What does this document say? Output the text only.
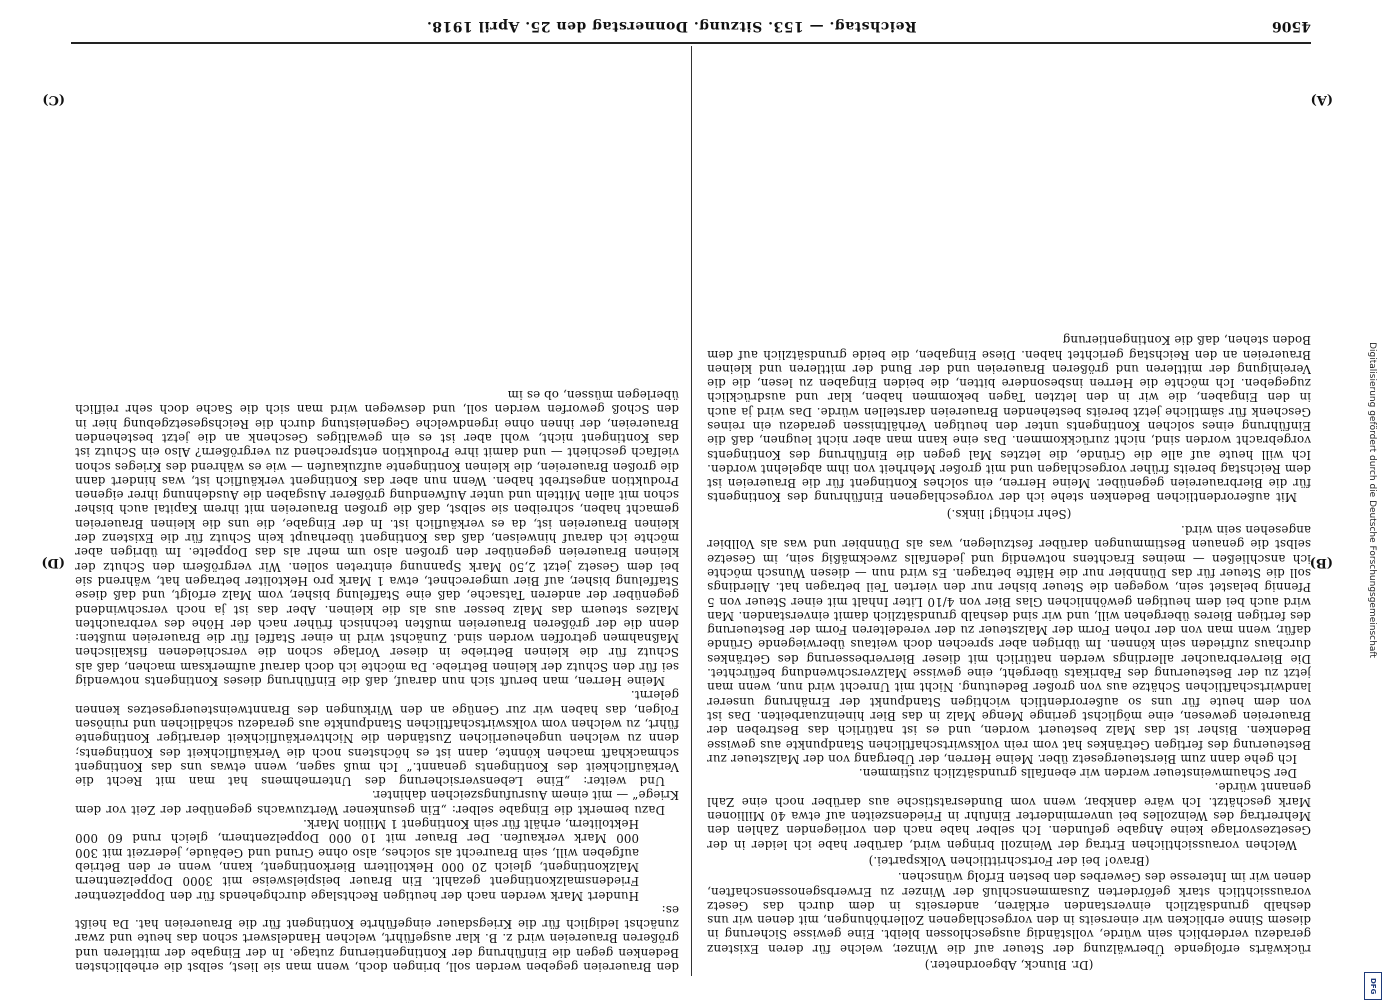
4506
Reichstag. — 153. Sitzung. Donnerstag den 25. April 1918.
(A)
(B)
(C)
(D)

(Dr. Blunck, Abgeordneter.)

rückwärts erfolgende Überwälzung der Steuer auf die Winzer, welche für deren Existenz geradezu verderblich sein würde, vollständig ausgeschlossen bleibt. Eine gewisse Sicherung in diesem Sinne erblicken wir einerseits in den vorgeschlagenen Zollerhöhungen, mit denen wir uns deshalb grundsätzlich einverstanden erklären, anderseits in dem durch das Gesetz voraussichtlich stark geförderten Zusammenschluß der Winzer zu Erwerbsgenossenschaften, denen wir im Interesse des Gewerbes den besten Erfolg wünschen.

(Bravo! bei der Fortschrittlichen Volkspartei.)

Welchen voraussichtlichen Ertrag der Weinzoll bringen wird, darüber habe ich leider in der Gesetzesvorlage keine Angabe gefunden. Ich selber habe nach den vorliegenden Zahlen den Mehrertrag des Weinzolles bei unverminderter Einfuhr in Friedenszeiten auf etwa 40 Millionen Mark geschätzt. Ich wäre dankbar, wenn vom Bundesratstische aus darüber noch eine Zahl genannt würde.

Der Schaumweinsteuer werden wir ebenfalls grundsätzlich zustimmen.

Ich gehe dann zum Biersteuergesetz über. Meine Herren, der Übergang von der Malzsteuer zur Besteuerung des fertigen Getränkes hat vom rein volkswirtschaftlichen Standpunkte aus gewisse Bedenken. Bisher ist das Malz besteuert worden, und es ist natürlich das Bestreben der Brauereien gewesen, eine möglichst geringe Menge Malz in das Bier hineinzuarbeiten. Das ist von dem heute für uns so außerordentlich wichtigen Standpunkt der Ernährung unserer landwirtschaftlichen Schätze aus von großer Bedeutung. Nicht mit Unrecht wird nun, wenn man jetzt zu der Besteuerung des Fabrikats übergeht, eine gewisse Malzverschwendung befürchtet. Die Bierverbraucher allerdings werden natürlich mit dieser Bierverbesserung des Getränkes durchaus zufrieden sein können. Im übrigen aber sprechen doch weitaus überwiegende Gründe dafür, wenn man von der rohen Form der Malzsteuer zu der veredelteren Form der Besteuerung des fertigen Bieres übergehen will, und wir sind deshalb grundsätzlich damit einverstanden. Man wird auch bei dem heutigen gewöhnlichen Glas Bier von 4/10 Liter Inhalt mit einer Steuer von 5 Pfennig belastet sein, wogegen die Steuer bisher nur den vierten Teil betragen hat. Allerdings soll die Steuer für das Dünnbier nur die Hälfte betragen. Es wird nun — diesen Wunsch möchte ich anschließen — meines Erachtens notwendig und jedenfalls zweckmäßig sein, im Gesetze selbst die genauen Bestimmungen darüber festzulegen, was als Dünnbier und was als Vollbier angesehen sein wird.

(Sehr richtig! links.)

Mit außerordentlichen Bedenken stehe ich der vorgeschlagenen Einführung des Kontingents für die Bierbrauereien gegenüber. Meine Herren, ein solches Kontingent für die Brauereien ist dem Reichstag bereits früher vorgeschlagen und mit großer Mehrheit von ihm abgelehnt worden. Ich will heute auf alle die Gründe, die letztes Mal gegen die Einführung des Kontingents vorgebracht worden sind, nicht zurückkommen. Das eine kann man aber nicht leugnen, daß die Einführung eines solchen Kontingents unter den heutigen Verhältnissen geradezu ein reines Geschenk für sämtliche jetzt bereits bestehenden Brauereien darstellen würde. Das wird ja auch in den Eingaben, die wir in den letzten Tagen bekommen haben, klar und ausdrücklich zugegeben. Ich möchte die Herren insbesondere bitten, die beiden Eingaben zu lesen, die die Vereinigung der mittleren und größeren Brauereien und der Bund der mittleren und kleinen Brauereien an den Reichstag gerichtet haben. Diese Eingaben, die beide grundsätzlich auf dem Boden stehen, daß die Kontingentierung

den Brauereien gegeben werden soll, bringen doch, wenn man sie liest, selbst die erheblichsten Bedenken gegen die Einführung der Kontingentierung zutage. In der Eingabe der mittleren und größeren Brauereien wird z. B. klar ausgeführt, welchen Handelswert schon das heute und zwar zunächst lediglich für die Kriegsdauer eingeführte Kontingent für die Brauereien hat. Da heißt es:

Hundert Mark werden nach der heutigen Rechtslage durchgehends für den Doppelzentner Friedensmalzkontingent gezahlt. Ein Brauer beispielsweise mit 3000 Doppelzentnern Malzkontingent, gleich 20 000 Hektolitern Bierkontingent, kann, wenn er den Betrieb aufgeben will, sein Braurecht als solches, also ohne Grund und Gebäude, jederzeit mit 300 000 Mark verkaufen. Der Brauer mit 10 000 Doppelzentnern, gleich rund 60 000 Hektolitern, erhält für sein Kontingent 1 Million Mark.

Dazu bemerkt die Eingabe selber: „Ein gesunkener Wertzuwachs gegenüber der Zeit vor dem Kriege“ — mit einem Ausrufungszeichen dahinter.

Und weiter: „Eine Lebensversicherung des Unternehmens hat man mit Recht die Verkäuflichkeit des Kontingents genannt.“ Ich muß sagen, wenn etwas uns das Kontingent schmackhaft machen könnte, dann ist es höchstens noch die Verkäuflichkeit des Kontingents; denn zu welchen ungeheuerlichen Zuständen die Nichtverkäuflichkeit derartiger Kontingente führt, zu welchen vom volkswirtschaftlichen Standpunkte aus geradezu schädlichen und ruinösen Folgen, das haben wir zur Genüge an den Wirkungen des Branntweinsteuergesetzes kennen gelernt.

Meine Herren, man beruft sich nun darauf, daß die Einführung dieses Kontingents notwendig sei für den Schutz der kleinen Betriebe. Da möchte ich doch darauf aufmerksam machen, daß als Schutz für die kleinen Betriebe in dieser Vorlage schon die verschiedenen fiskalischen Maßnahmen getroffen worden sind. Zunächst wird in einer Staffel für die Brauereien mußten: denn die der größeren Brauereien mußten technisch früher nach der Höhe des verbrauchten Malzes steuern das Malz besser aus als die kleinen. Aber das ist ja noch verschwindend gegenüber der anderen Tatsache, daß eine Staffelung bisher, vom Malz erfolgt, und daß diese Staffelung bisher, auf Bier umgerechnet, etwa 1 Mark pro Hektoliter betragen hat, während sie bei dem Gesetz jetzt 2,50 Mark Spannung eintreten sollen. Wir vergrößern den Schutz der kleinen Brauereien gegenüber den großen also um mehr als das Doppelte. Im übrigen aber möchte ich darauf hinweisen, daß das Kontingent überhaupt kein Schutz für die Existenz der kleinen Brauereien ist, da es verkäuflich ist. In der Eingabe, die uns die kleinen Brauereien gemacht haben, schreiben sie selbst, daß die großen Brauereien mit ihrem Kapital auch bisher schon mit allen Mitteln und unter Aufwendung größerer Ausgaben die Ausdehnung ihrer eigenen Produktion angestrebt haben. Wenn nun aber das Kontingent verkäuflich ist, was hindert dann die großen Brauereien, die kleinen Kontingente aufzukaufen — wie es während des Krieges schon vielfach geschieht — und damit ihre Produktion entsprechend zu vergrößern? Also ein Schutz ist das Kontingent nicht, wohl aber ist es ein gewaltiges Geschenk an die jetzt bestehenden Brauereien, der ihnen ohne irgendwelche Gegenleistung durch die Reichsgesetzgebung hier in den Schoß geworfen werden soll, und deswegen wird man sich die Sache doch sehr reiflich überlegen müssen, ob es im	Digitalisierung gefördert durch die Deutsche Forschungsgemeinschaft
DFG
